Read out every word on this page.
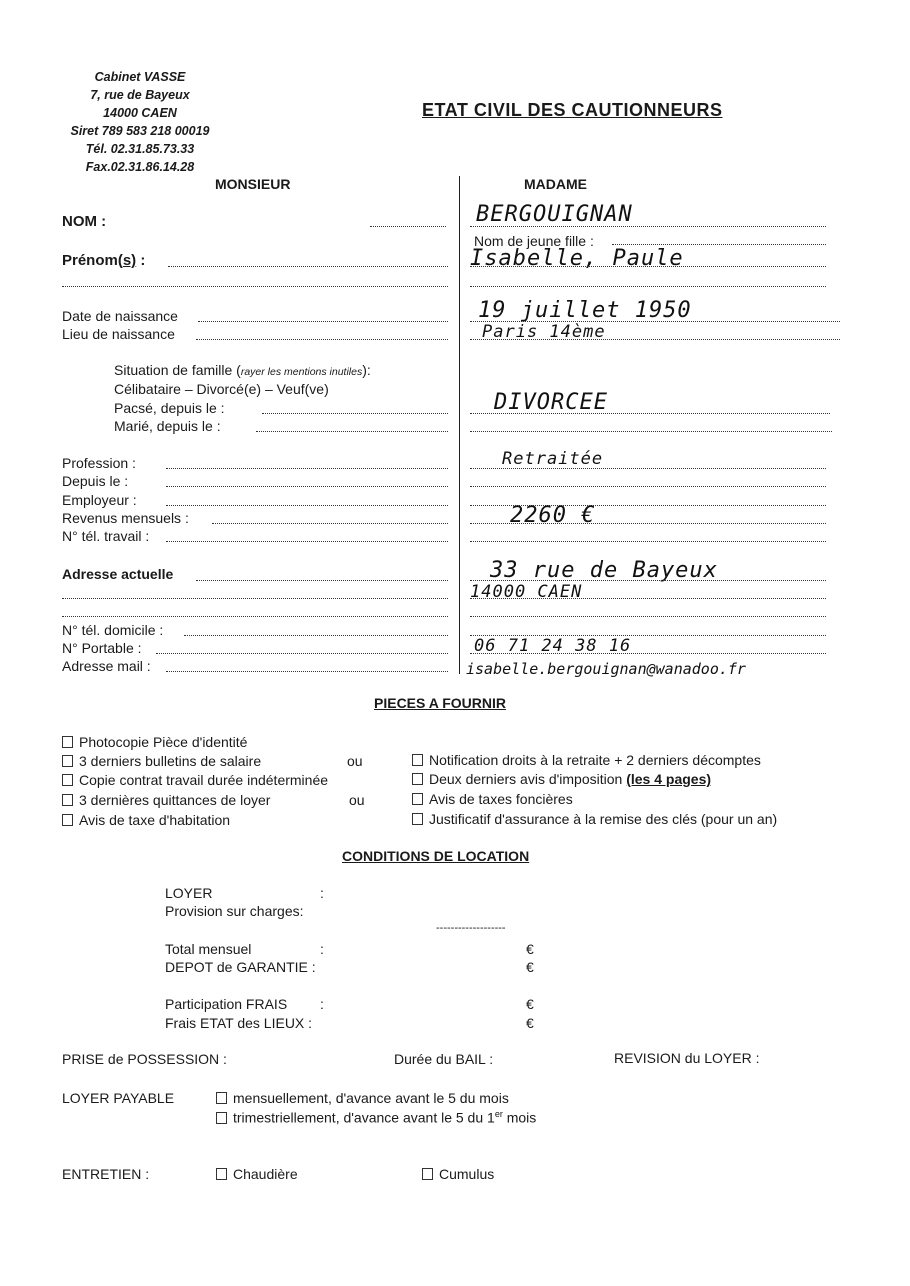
Cabinet VASSE
7, rue de Bayeux
14000 CAEN
Siret 789 583 218 00019
Tél. 02.31.85.73.33
Fax.02.31.86.14.28
ETAT CIVIL DES CAUTIONNEURS
MONSIEUR	MADAME
NOM :	BERGOUIGNAN
Nom de jeune fille :
Prénom(s) :	Isabelle, Paule
Date de naissance	19 juillet 1950
Lieu de naissance	Paris 14ème
Situation de famille (rayer les mentions inutiles):
Célibataire – Divorcé(e) – Veuf(ve)
Pacsé, depuis le :	DIVORCEE
Marié, depuis le :
Profession :	Retraitée
Depuis le :
Employeur :
Revenus mensuels :	2260 €
N° tél. travail :
Adresse actuelle	33 rue de Bayeux
14000 CAEN
N° tél. domicile :
N° Portable :	06 71 24 38 16
Adresse mail :	isabelle.bergouignan@wanadoo.fr
PIECES A FOURNIR
Photocopie Pièce d'identité
3 derniers bulletins de salaire	ou	Notification droits à la retraite + 2 derniers décomptes
Copie contrat travail durée indéterminée	Deux derniers avis d'imposition (les 4 pages)
3 dernières quittances de loyer	ou	Avis de taxes foncières
Avis de taxe d'habitation	Justificatif d'assurance à la remise des clés (pour un an)
CONDITIONS DE LOCATION
LOYER	:
Provision sur charges:
-------------------
Total mensuel	:	€
DEPOT de GARANTIE :	€
Participation FRAIS :	€
Frais ETAT des LIEUX :	€
PRISE de POSSESSION :	Durée du BAIL :	REVISION du LOYER :
LOYER PAYABLE	mensuellement, d'avance avant le 5 du mois
trimestriellement, d'avance avant le 5 du 1er mois
ENTRETIEN :	Chaudière	Cumulus
